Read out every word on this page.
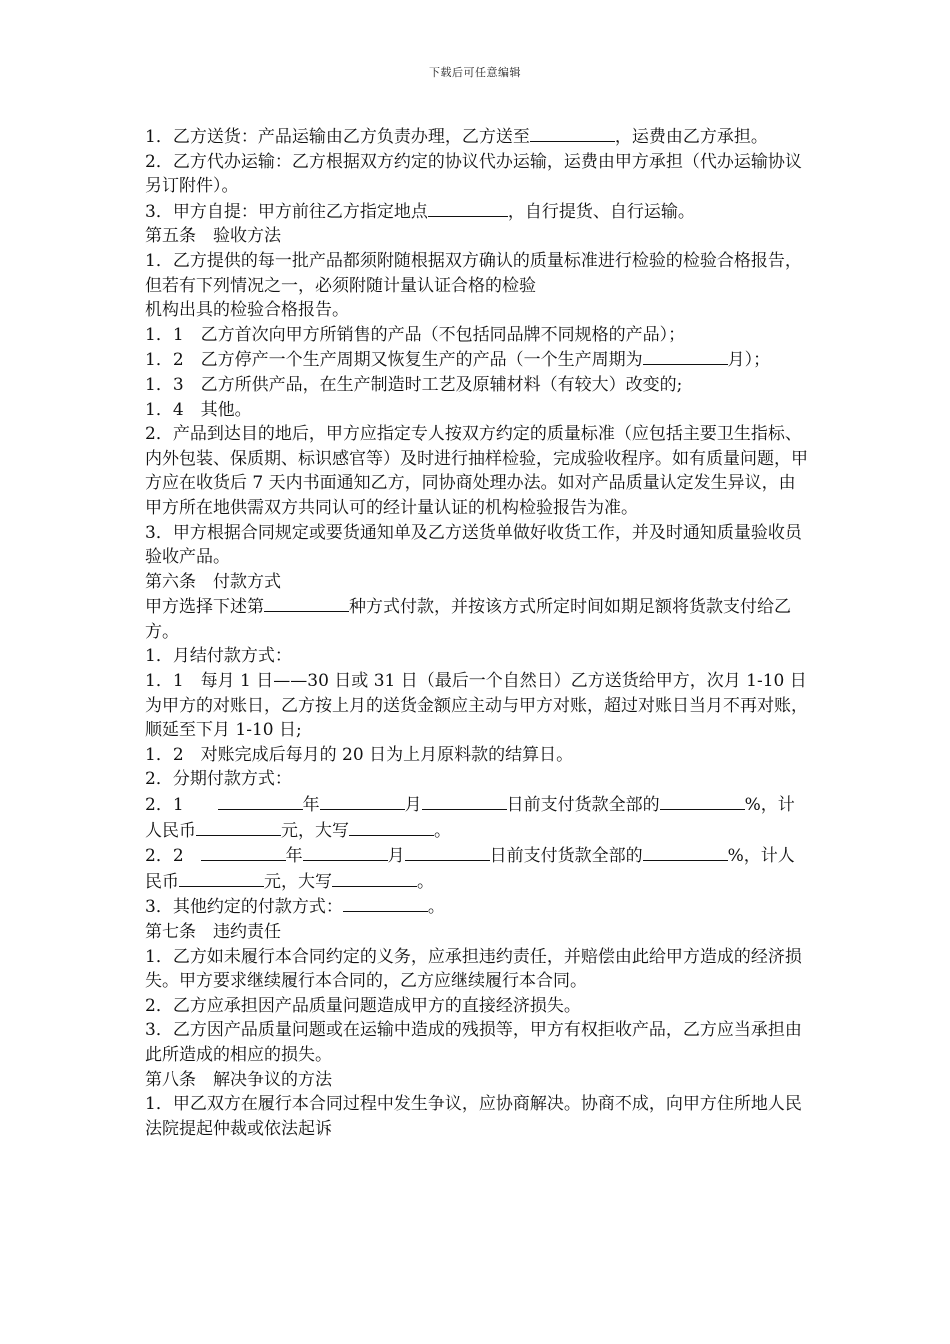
下载后可任意编辑

1．乙方送货：产品运输由乙方负责办理，乙方送至	，运费由乙方承担。

2．乙方代办运输：乙方根据双方约定的协议代办运输，运费由甲方承担（代办运输协议另订附件）。

3．甲方自提：甲方前往乙方指定地点	，自行提货、自行运输。

第五条　验收方法

1．乙方提供的每一批产品都须附随根据双方确认的质量标准进行检验的检验合格报告，但若有下列情况之一，必须附随计量认证合格的检验

机构出具的检验合格报告。

1．1　乙方首次向甲方所销售的产品（不包括同品牌不同规格的产品）；

1．2　乙方停产一个生产周期又恢复生产的产品（一个生产周期为	月）；

1．3　乙方所供产品，在生产制造时工艺及原辅材料（有较大）改变的;

1．4　其他。

2．产品到达目的地后，甲方应指定专人按双方约定的质量标准（应包括主要卫生指标、内外包装、保质期、标识感官等）及时进行抽样检验，完成验收程序。如有质量问题，甲方应在收货后 7 天内书面通知乙方，同协商处理办法。如对产品质量认定发生异议，由甲方所在地供需双方共同认可的经计量认证的机构检验报告为准。

3．甲方根据合同规定或要货通知单及乙方送货单做好收货工作，并及时通知质量验收员验收产品。

第六条　付款方式

甲方选择下述第	种方式付款，并按该方式所定时间如期足额将货款支付给乙方。

1．月结付款方式：

1．1　每月 1 日——30 日或 31 日（最后一个自然日）乙方送货给甲方，次月 1-10 日为甲方的对账日，乙方按上月的送货金额应主动与甲方对账，超过对账日当月不再对账，顺延至下月 1-10 日;

1．2　对账完成后每月的 20 日为上月原料款的结算日。

2．分期付款方式：

2．1　　	年	月	日前支付货款全部的	%，计人民币	元，大写	。

2．2　	年	月	日前支付货款全部的	%，计人民币	元，大写	。

3．其他约定的付款方式：	。

第七条　违约责任

1．乙方如未履行本合同约定的义务，应承担违约责任，并赔偿由此给甲方造成的经济损失。甲方要求继续履行本合同的，乙方应继续履行本合同。

2．乙方应承担因产品质量问题造成甲方的直接经济损失。

3．乙方因产品质量问题或在运输中造成的残损等，甲方有权拒收产品，乙方应当承担由此所造成的相应的损失。

第八条　解决争议的方法

1．甲乙双方在履行本合同过程中发生争议，应协商解决。协商不成，向甲方住所地人民法院提起仲裁或依法起诉
